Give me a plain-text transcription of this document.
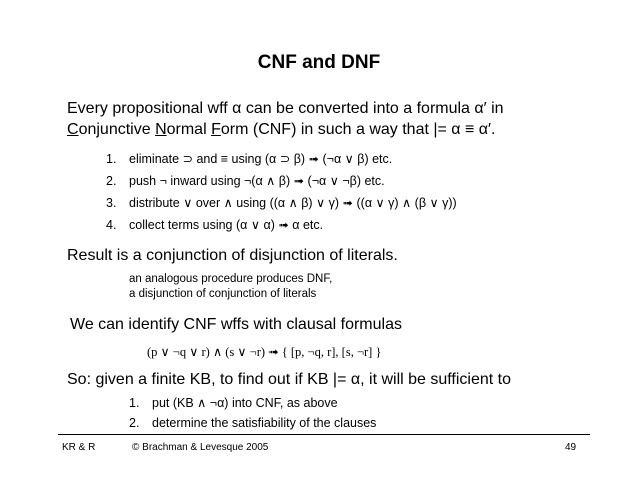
CNF and DNF
Every propositional wff α can be converted into a formula α′ in
Conjunctive Normal Form (CNF) in such a way that |= α ≡ α′.
1. eliminate ⊃ and ≡ using (α ⊃ β) ➟ (¬α ∨ β) etc.
2. push ¬ inward using ¬(α ∧ β) ➟ (¬α ∨ ¬β) etc.
3. distribute ∨ over ∧ using ((α ∧ β) ∨ γ) ➟ ((α ∨ γ) ∧ (β ∨ γ))
4. collect terms using (α ∨ α) ➟ α etc.
Result is a conjunction of disjunction of literals.
an analogous procedure produces DNF,
a disjunction of conjunction of literals
We can identify CNF wffs with clausal formulas
(p ∨ ¬q ∨ r) ∧ (s ∨ ¬r) ➟ { [p, ¬q, r], [s, ¬r] }
So: given a finite KB, to find out if KB |= α, it will be sufficient to
1. put (KB ∧ ¬α) into CNF, as above
2. determine the satisfiability of the clauses
KR & R	© Brachman & Levesque 2005	49
